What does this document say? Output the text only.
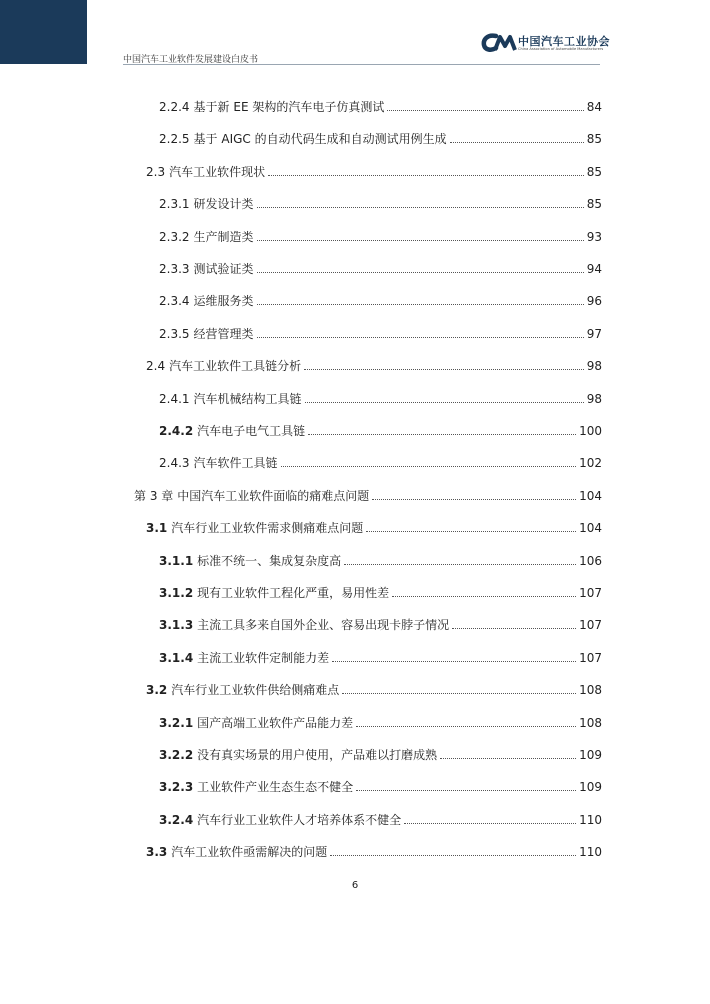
中国汽车工业软件发展建设白皮书
中国汽车工业协会
China Association of Automobile Manufacturers
2.2.4 基于新 EE 架构的汽车电子仿真测试	84
2.2.5 基于 AIGC 的自动代码生成和自动测试用例生成	85
2.3 汽车工业软件现状	85
2.3.1 研发设计类	85
2.3.2 生产制造类	93
2.3.3 测试验证类	94
2.3.4 运维服务类	96
2.3.5 经营管理类	97
2.4 汽车工业软件工具链分析	98
2.4.1 汽车机械结构工具链	98
2.4.2 汽车电子电气工具链	100
2.4.3 汽车软件工具链	102
第 3 章 中国汽车工业软件面临的痛难点问题	104
3.1 汽车行业工业软件需求侧痛难点问题	104
3.1.1 标准不统一、集成复杂度高	106
3.1.2 现有工业软件工程化严重，易用性差	107
3.1.3 主流工具多来自国外企业、容易出现卡脖子情况	107
3.1.4 主流工业软件定制能力差	107
3.2 汽车行业工业软件供给侧痛难点	108
3.2.1 国产高端工业软件产品能力差	108
3.2.2 没有真实场景的用户使用，产品难以打磨成熟	109
3.2.3 工业软件产业生态生态不健全	109
3.2.4 汽车行业工业软件人才培养体系不健全	110
3.3 汽车工业软件亟需解决的问题	110
6
